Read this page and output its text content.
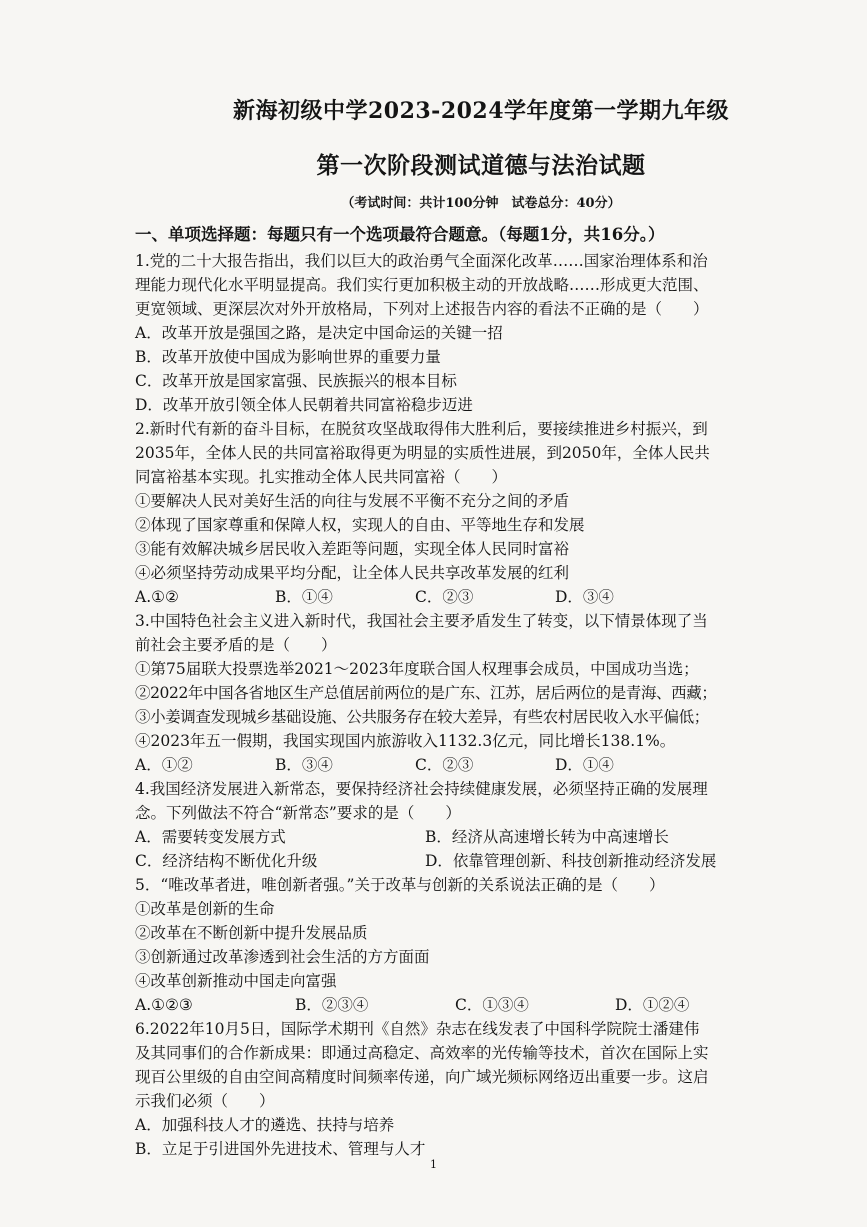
新海初级中学2023-2024学年度第一学期九年级
第一次阶段测试道德与法治试题
（考试时间：共计100分钟　试卷总分：40分）
一、单项选择题：每题只有一个选项最符合题意。（每题1分，共16分。）
1.党的二十大报告指出，我们以巨大的政治勇气全面深化改革……国家治理体系和治
理能力现代化水平明显提高。我们实行更加积极主动的开放战略……形成更大范围、
更宽领域、更深层次对外开放格局，下列对上述报告内容的看法不正确的是（　　）
A．改革开放是强国之路，是决定中国命运的关键一招
B．改革开放使中国成为影响世界的重要力量
C．改革开放是国家富强、民族振兴的根本目标
D．改革开放引领全体人民朝着共同富裕稳步迈进
2.新时代有新的奋斗目标，在脱贫攻坚战取得伟大胜利后，要接续推进乡村振兴，到
2035年，全体人民的共同富裕取得更为明显的实质性进展，到2050年，全体人民共
同富裕基本实现。扎实推动全体人民共同富裕（　　）
①要解决人民对美好生活的向往与发展不平衡不充分之间的矛盾
②体现了国家尊重和保障人权，实现人的自由、平等地生存和发展
③能有效解决城乡居民收入差距等问题，实现全体人民同时富裕
④必须坚持劳动成果平均分配，让全体人民共享改革发展的红利
A.①②	B．①④	C．②③	D．③④
3.中国特色社会主义进入新时代，我国社会主要矛盾发生了转变，以下情景体现了当
前社会主要矛盾的是（　　）
①第75届联大投票选举2021～2023年度联合国人权理事会成员，中国成功当选；
②2022年中国各省地区生产总值居前两位的是广东、江苏，居后两位的是青海、西藏；
③小姜调查发现城乡基础设施、公共服务存在较大差异，有些农村居民收入水平偏低；
④2023年五一假期，我国实现国内旅游收入1132.3亿元，同比增长138.1%。
A．①②	B．③④	C．②③	D．①④
4.我国经济发展进入新常态，要保持经济社会持续健康发展，必须坚持正确的发展理
念。下列做法不符合“新常态”要求的是（　　）
A．需要转变发展方式	B．经济从高速增长转为中高速增长
C．经济结构不断优化升级	D．依靠管理创新、科技创新推动经济发展
5．“唯改革者进，唯创新者强。”关于改革与创新的关系说法正确的是（　　）
①改革是创新的生命
②改革在不断创新中提升发展品质
③创新通过改革渗透到社会生活的方方面面
④改革创新推动中国走向富强
A.①②③	B．②③④	C．①③④	D．①②④
6.2022年10月5日，国际学术期刊《自然》杂志在线发表了中国科学院院士潘建伟
及其同事们的合作新成果：即通过高稳定、高效率的光传输等技术，首次在国际上实
现百公里级的自由空间高精度时间频率传递，向广域光频标网络迈出重要一步。这启
示我们必须（　　）
A．加强科技人才的遴选、扶持与培养
B．立足于引进国外先进技术、管理与人才
1
